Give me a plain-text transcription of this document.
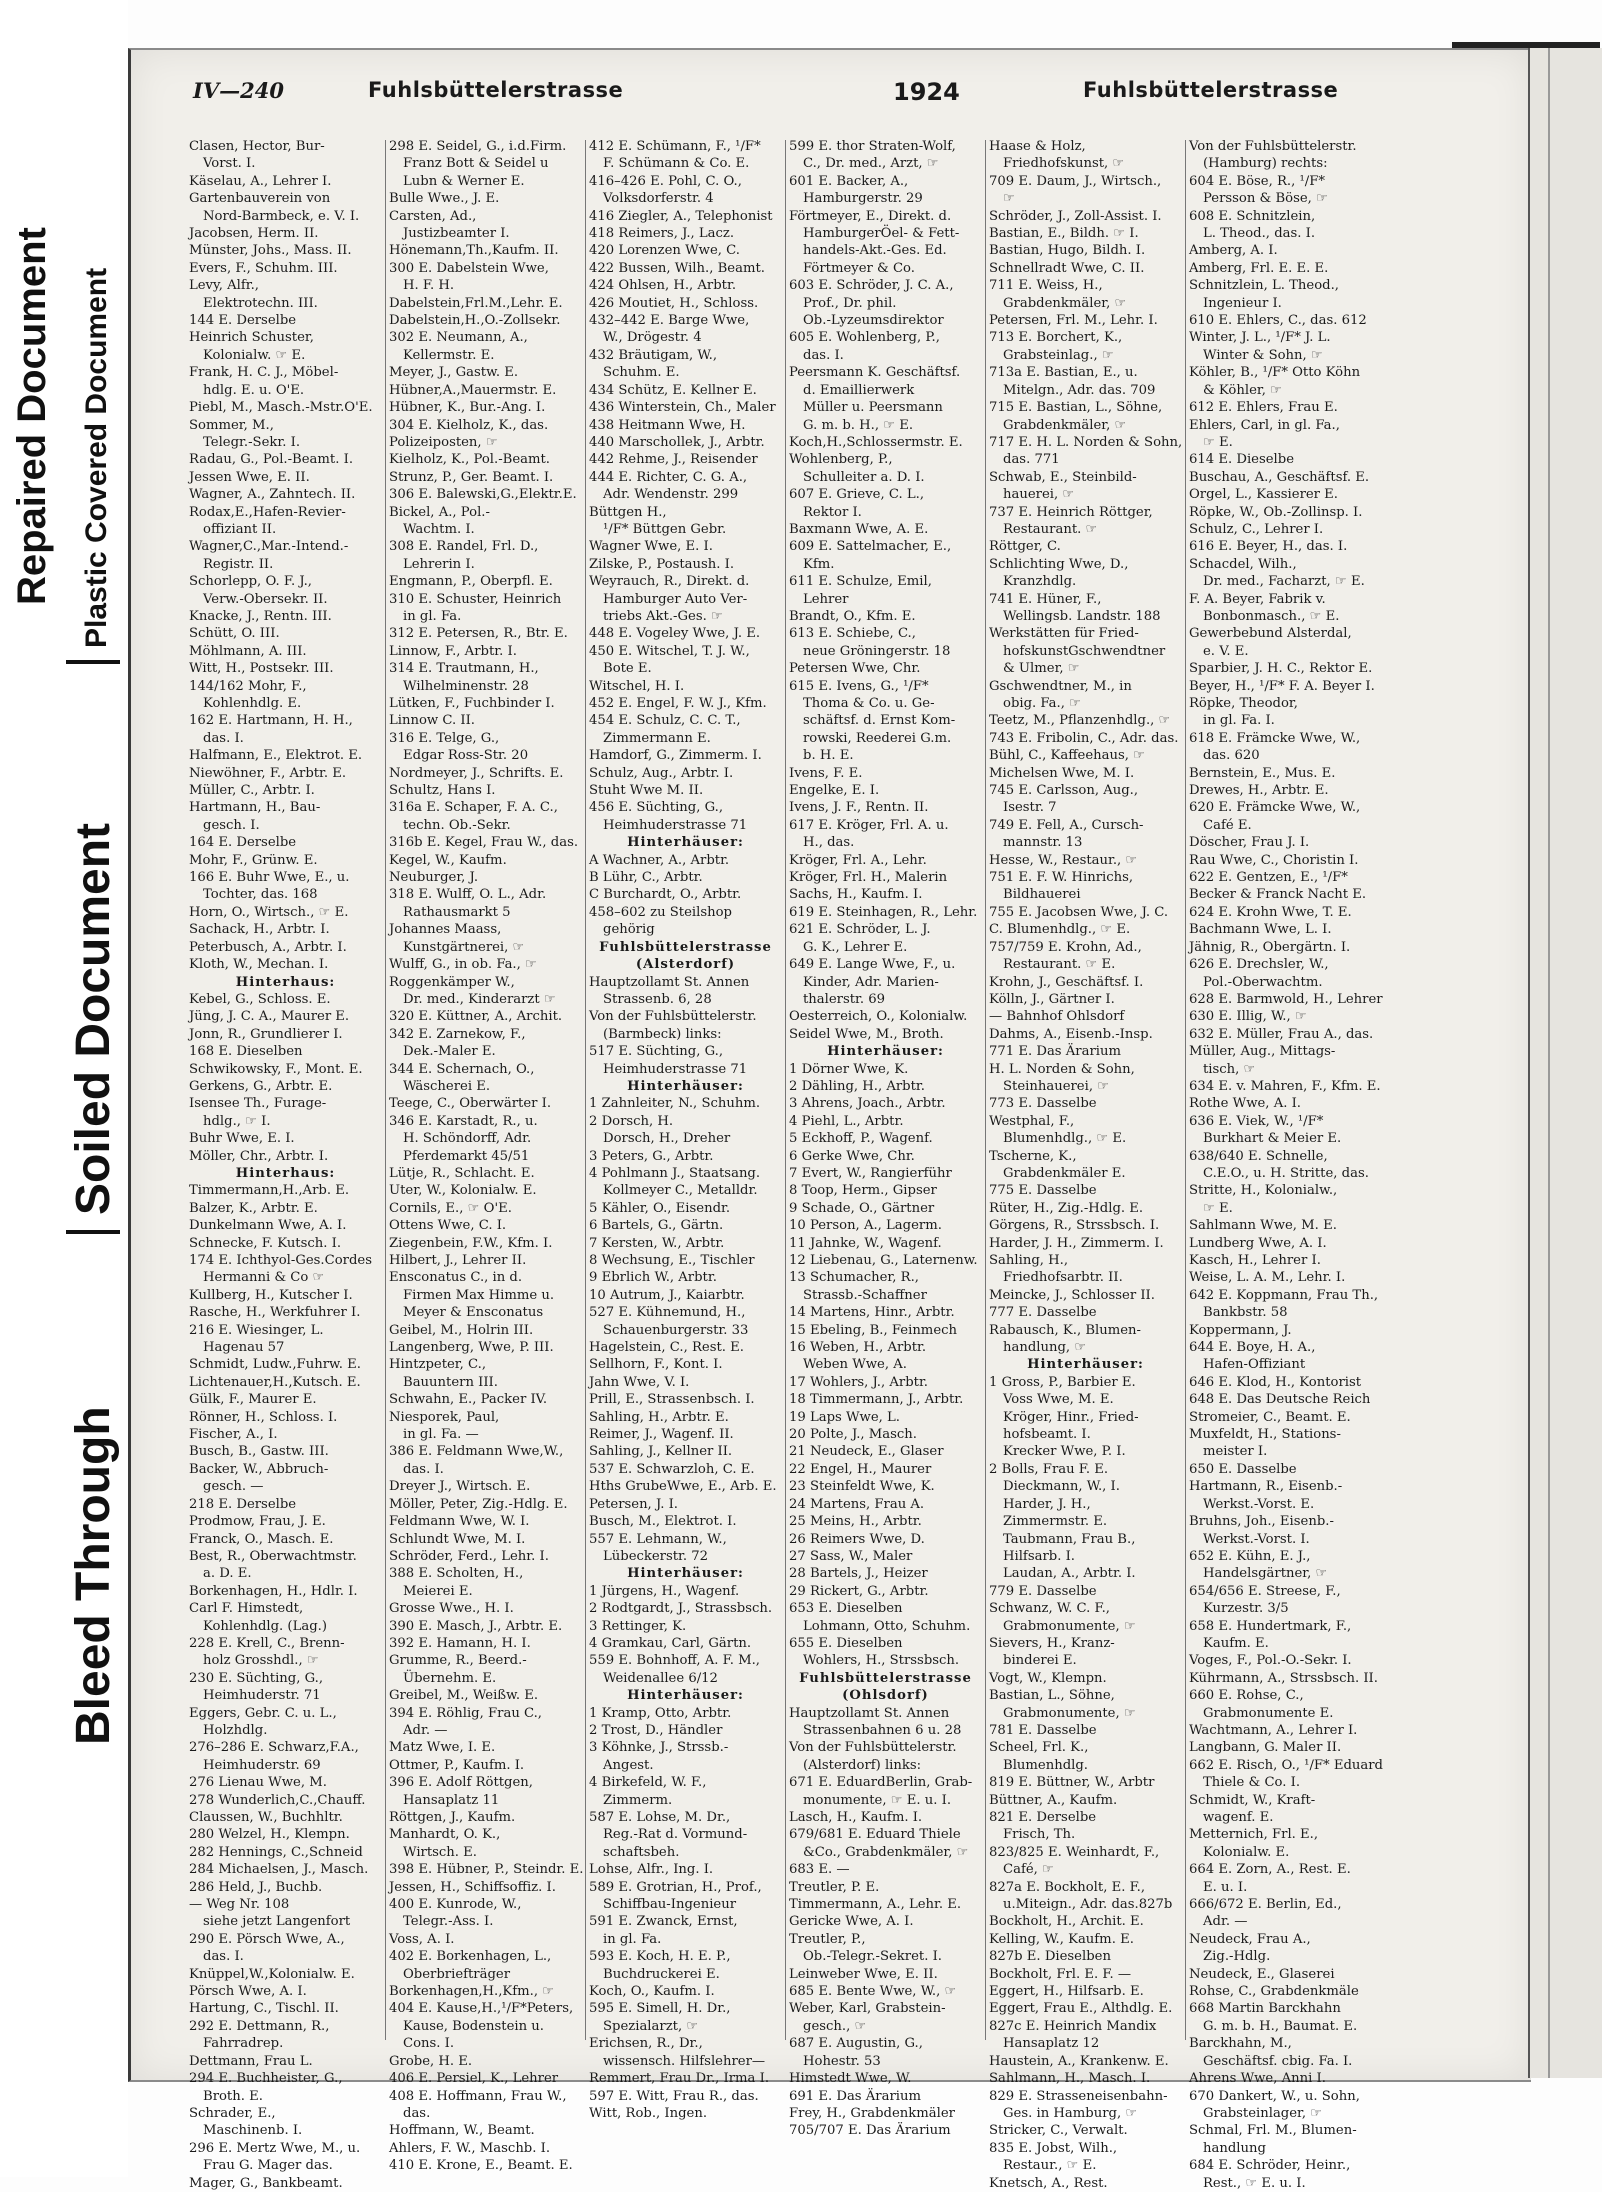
Repaired Document Plastic Covered Document
Soiled Document
Bleed Through
IV—240	Fuhlsbüttelerstrasse	1924	Fuhlsbüttelerstrasse
Clasen, Hector, Bur-
Vorst. I.
Käselau, A., Lehrer I.
Gartenbauverein von
Nord-Barmbeck, e. V. I.
Jacobsen, Herm. II.
Münster, Johs., Mass. II.
Evers, F., Schuhm. III.
Levy, Alfr.,
Elektrotechn. III.
144 E. Derselbe
Heinrich Schuster,
Kolonialw. ☞ E.
Frank, H. C. J., Möbel-
hdlg. E. u. O'E.
Piebl, M., Masch.-Mstr.O'E.
Sommer, M.,
Telegr.-Sekr. I.
Radau, G., Pol.-Beamt. I.
Jessen Wwe, E. II.
Wagner, A., Zahntech. II.
Rodax,E.,Hafen-Revier-
offiziant II.
Wagner,C.,Mar.-Intend.-
Registr. II.
Schorlepp, O. F. J.,
Verw.-Obersekr. II.
Knacke, J., Rentn. III.
Schütt, O. III.
Möhlmann, A. III.
Witt, H., Postsekr. III.
144/162 Mohr, F.,
Kohlenhdlg. E.
162 E. Hartmann, H. H.,
das. I.
Halfmann, E., Elektrot. E.
Niewöhner, F., Arbtr. E.
Müller, C., Arbtr. I.
Hartmann, H., Bau-
gesch. I.
164 E. Derselbe
Mohr, F., Grünw. E.
166 E. Buhr Wwe, E., u.
Tochter, das. 168
Horn, O., Wirtsch., ☞ E.
Sachack, H., Arbtr. I.
Peterbusch, A., Arbtr. I.
Kloth, W., Mechan. I.
Hinterhaus:
Kebel, G., Schloss. E.
Jüng, J. C. A., Maurer E.
Jonn, R., Grundlierer I.
168 E. Dieselben
Schwikowsky, F., Mont. E.
Gerkens, G., Arbtr. E.
Isensee Th., Furage-
hdlg., ☞ I.
Buhr Wwe, E. I.
Möller, Chr., Arbtr. I.
Hinterhaus:
Timmermann,H.,Arb. E.
Balzer, K., Arbtr. E.
Dunkelmann Wwe, A. I.
Schnecke, F. Kutsch. I.
174 E. Ichthyol-Ges.Cordes
Hermanni & Co ☞
Kullberg, H., Kutscher I.
Rasche, H., Werkfuhrer I.
216 E. Wiesinger, L.
Hagenau 57
Schmidt, Ludw.,Fuhrw. E.
Lichtenauer,H.,Kutsch. E.
Gülk, F., Maurer E.
Rönner, H., Schloss. I.
Fischer, A., I.
Busch, B., Gastw. III.
Backer, W., Abbruch-
gesch. —
218 E. Derselbe
Prodmow, Frau, J. E.
Franck, O., Masch. E.
Best, R., Oberwachtmstr.
a. D. E.
Borkenhagen, H., Hdlr. I.
Carl F. Himstedt,
Kohlenhdlg. (Lag.)
228 E. Krell, C., Brenn-
holz Grosshdl., ☞
230 E. Süchting, G.,
Heimhuderstr. 71
Eggers, Gebr. C. u. L.,
Holzhdlg.
276–286 E. Schwarz,F.A.,
Heimhuderstr. 69
276 Lienau Wwe, M.
278 Wunderlich,C.,Chauff.
Claussen, W., Buchhltr.
280 Welzel, H., Klempn.
282 Hennings, C.,Schneid
284 Michaelsen, J., Masch.
286 Held, J., Buchb.
— Weg Nr. 108
siehe jetzt Langenfort
290 E. Pörsch Wwe, A.,
das. I.
Knüppel,W.,Kolonialw. E.
Pörsch Wwe, A. I.
Hartung, C., Tischl. II.
292 E. Dettmann, R.,
Fahrradrep.
Dettmann, Frau L.
294 E. Buchheister, G.,
Broth. E.
Schrader, E.,
Maschinenb. I.
296 E. Mertz Wwe, M., u.
Frau G. Mager das.
Mager, G., Bankbeamt.
298 E. Seidel, G., i.d.Firm.
Franz Bott & Seidel u
Lubn & Werner E.
Bulle Wwe., J. E.
Carsten, Ad.,
Justizbeamter I.
Hönemann,Th.,Kaufm. II.
300 E. Dabelstein Wwe,
H. F. H.
Dabelstein,Frl.M.,Lehr. E.
Dabelstein,H.,O.-Zollsekr.
302 E. Neumann, A.,
Kellermstr. E.
Meyer, J., Gastw. E.
Hübner,A.,Mauermstr. E.
Hübner, K., Bur.-Ang. I.
304 E. Kielholz, K., das.
Polizeiposten, ☞
Kielholz, K., Pol.-Beamt.
Strunz, P., Ger. Beamt. I.
306 E. Balewski,G.,Elektr.E.
Bickel, A., Pol.-
Wachtm. I.
308 E. Randel, Frl. D.,
Lehrerin I.
Engmann, P., Oberpfl. E.
310 E. Schuster, Heinrich
in gl. Fa.
312 E. Petersen, R., Btr. E.
Linnow, F., Arbtr. I.
314 E. Trautmann, H.,
Wilhelminenstr. 28
Lütken, F., Fuchbinder I.
Linnow C. II.
316 E. Telge, G.,
Edgar Ross-Str. 20
Nordmeyer, J., Schrifts. E.
Schultz, Hans I.
316a E. Schaper, F. A. C.,
techn. Ob.-Sekr.
316b E. Kegel, Frau W., das.
Kegel, W., Kaufm.
Neuburger, J.
318 E. Wulff, O. L., Adr.
Rathausmarkt 5
Johannes Maass,
Kunstgärtnerei, ☞
Wulff, G., in ob. Fa., ☞
Roggenkämper W.,
Dr. med., Kinderarzt ☞
320 E. Küttner, A., Archit.
342 E. Zarnekow, F.,
Dek.-Maler E.
344 E. Schernach, O.,
Wäscherei E.
Teege, C., Oberwärter I.
346 E. Karstadt, R., u.
H. Schöndorff, Adr.
Pferdemarkt 45/51
Lütje, R., Schlacht. E.
Uter, W., Kolonialw. E.
Cornils, E., ☞ O'E.
Ottens Wwe, C. I.
Ziegenbein, F.W., Kfm. I.
Hilbert, J., Lehrer II.
Ensconatus C., in d.
Firmen Max Himme u.
Meyer & Ensconatus
Geibel, M., Holrin III.
Langenberg, Wwe, P. III.
Hintzpeter, C.,
Bauuntern III.
Schwahn, E., Packer IV.
Niesporek, Paul,
in gl. Fa. —
386 E. Feldmann Wwe,W.,
das. I.
Dreyer J., Wirtsch. E.
Möller, Peter, Zig.-Hdlg. E.
Feldmann Wwe, W. I.
Schlundt Wwe, M. I.
Schröder, Ferd., Lehr. I.
388 E. Scholten, H.,
Meierei E.
Grosse Wwe., H. I.
390 E. Masch, J., Arbtr. E.
392 E. Hamann, H. I.
Grumme, R., Beerd.-
Übernehm. E.
Greibel, M., Weißw. E.
394 E. Röhlig, Frau C.,
Adr. —
Matz Wwe, I. E.
Ottmer, P., Kaufm. I.
396 E. Adolf Röttgen,
Hansaplatz 11
Röttgen, J., Kaufm.
Manhardt, O. K.,
Wirtsch. E.
398 E. Hübner, P., Steindr. E.
Jessen, H., Schiffsoffiz. I.
400 E. Kunrode, W.,
Telegr.-Ass. I.
Voss, A. I.
402 E. Borkenhagen, L.,
Oberbriefträger
Borkenhagen,H.,Kfm., ☞
404 E. Kause,H.,¹/F*Peters,
Kause, Bodenstein u.
Cons. I.
Grobe, H. E.
406 E. Persiel, K., Lehrer
408 E. Hoffmann, Frau W.,
das.
Hoffmann, W., Beamt.
Ahlers, F. W., Maschb. I.
410 E. Krone, E., Beamt. E.
412 E. Schümann, F., ¹/F*
F. Schümann & Co. E.
416–426 E. Pohl, C. O.,
Volksdorferstr. 4
416 Ziegler, A., Telephonist
418 Reimers, J., Lacz.
420 Lorenzen Wwe, C.
422 Bussen, Wilh., Beamt.
424 Ohlsen, H., Arbtr.
426 Moutiet, H., Schloss.
432–442 E. Barge Wwe,
W., Drögestr. 4
432 Bräutigam, W.,
Schuhm. E.
434 Schütz, E. Kellner E.
436 Winterstein, Ch., Maler
438 Heitmann Wwe, H.
440 Marschollek, J., Arbtr.
442 Rehme, J., Reisender
444 E. Richter, C. G. A.,
Adr. Wendenstr. 299
Büttgen H.,
¹/F* Büttgen Gebr.
Wagner Wwe, E. I.
Zilske, P., Postaush. I.
Weyrauch, R., Direkt. d.
Hamburger Auto Ver-
triebs Akt.-Ges. ☞
448 E. Vogeley Wwe, J. E.
450 E. Witschel, T. J. W.,
Bote E.
Witschel, H. I.
452 E. Engel, F. W. J., Kfm.
454 E. Schulz, C. C. T.,
Zimmermann E.
Hamdorf, G., Zimmerm. I.
Schulz, Aug., Arbtr. I.
Stuht Wwe M. II.
456 E. Süchting, G.,
Heimhuderstrasse 71
Hinterhäuser:
A Wachner, A., Arbtr.
B Lühr, C., Arbtr.
C Burchardt, O., Arbtr.
458–602 zu Steilshop
gehörig
Fuhlsbüttelerstrasse
(Alsterdorf)
Hauptzollamt St. Annen
Strassenb. 6, 28
Von der Fuhlsbüttelerstr.
(Barmbeck) links:
517 E. Süchting, G.,
Heimhuderstrasse 71
Hinterhäuser:
1 Zahnleiter, N., Schuhm.
2 Dorsch, H.
Dorsch, H., Dreher
3 Peters, G., Arbtr.
4 Pohlmann J., Staatsang.
Kollmeyer C., Metalldr.
5 Kähler, O., Eisendr.
6 Bartels, G., Gärtn.
7 Kersten, W., Arbtr.
8 Wechsung, E., Tischler
9 Ebrlich W., Arbtr.
10 Autrum, J., Kaiarbtr.
527 E. Kühnemund, H.,
Schauenburgerstr. 33
Hagelstein, C., Rest. E.
Sellhorn, F., Kont. I.
Jahn Wwe, V. I.
Prill, E., Strassenbsch. I.
Sahling, H., Arbtr. E.
Reimer, J., Wagenf. II.
Sahling, J., Kellner II.
537 E. Schwarzloh, C. E.
Hths GrubeWwe, E., Arb. E.
Petersen, J. I.
Busch, M., Elektrot. I.
557 E. Lehmann, W.,
Lübeckerstr. 72
Hinterhäuser:
1 Jürgens, H., Wagenf.
2 Rodtgardt, J., Strassbsch.
3 Rettinger, K.
4 Gramkau, Carl, Gärtn.
559 E. Bohnhoff, A. F. M.,
Weidenallee 6/12
Hinterhäuser:
1 Kramp, Otto, Arbtr.
2 Trost, D., Händler
3 Köhnke, J., Strssb.-
Angest.
4 Birkefeld, W. F.,
Zimmerm.
587 E. Lohse, M. Dr.,
Reg.-Rat d. Vormund-
schaftsbeh.
Lohse, Alfr., Ing. I.
589 E. Grotrian, H., Prof.,
Schiffbau-Ingenieur
591 E. Zwanck, Ernst,
in gl. Fa.
593 E. Koch, H. E. P.,
Buchdruckerei E.
Koch, O., Kaufm. I.
595 E. Simell, H. Dr.,
Spezialarzt, ☞
Erichsen, R., Dr.,
wissensch. Hilfslehrer—
Remmert, Frau Dr., Irma I.
597 E. Witt, Frau R., das.
Witt, Rob., Ingen.
599 E. thor Straten-Wolf,
C., Dr. med., Arzt, ☞
601 E. Backer, A.,
Hamburgerstr. 29
Förtmeyer, E., Direkt. d.
HamburgerÖel- & Fett-
handels-Akt.-Ges. Ed.
Förtmeyer & Co.
603 E. Schröder, J. C. A.,
Prof., Dr. phil.
Ob.-Lyzeumsdirektor
605 E. Wohlenberg, P.,
das. I.
Peersmann K. Geschäftsf.
d. Emaillierwerk
Müller u. Peersmann
G. m. b. H., ☞ E.
Koch,H.,Schlossermstr. E.
Wohlenberg, P.,
Schulleiter a. D. I.
607 E. Grieve, C. L.,
Rektor I.
Baxmann Wwe, A. E.
609 E. Sattelmacher, E.,
Kfm.
611 E. Schulze, Emil,
Lehrer
Brandt, O., Kfm. E.
613 E. Schiebe, C.,
neue Gröningerstr. 18
Petersen Wwe, Chr.
615 E. Ivens, G., ¹/F*
Thoma & Co. u. Ge-
schäftsf. d. Ernst Kom-
rowski, Reederei G.m.
b. H. E.
Ivens, F. E.
Engelke, E. I.
Ivens, J. F., Rentn. II.
617 E. Kröger, Frl. A. u.
H., das.
Kröger, Frl. A., Lehr.
Kröger, Frl. H., Malerin
Sachs, H., Kaufm. I.
619 E. Steinhagen, R., Lehr.
621 E. Schröder, L. J.
G. K., Lehrer E.
649 E. Lange Wwe, F., u.
Kinder, Adr. Marien-
thalerstr. 69
Oesterreich, O., Kolonialw.
Seidel Wwe, M., Broth.
Hinterhäuser:
1 Dörner Wwe, K.
2 Dähling, H., Arbtr.
3 Ahrens, Joach., Arbtr.
4 Piehl, L., Arbtr.
5 Eckhoff, P., Wagenf.
6 Gerke Wwe, Chr.
7 Evert, W., Rangierführ
8 Toop, Herm., Gipser
9 Schade, O., Gärtner
10 Person, A., Lagerm.
11 Jahnke, W., Wagenf.
12 Liebenau, G., Laternenw.
13 Schumacher, R.,
Strassb.-Schaffner
14 Martens, Hinr., Arbtr.
15 Ebeling, B., Feinmech
16 Weben, H., Arbtr.
Weben Wwe, A.
17 Wohlers, J., Arbtr.
18 Timmermann, J., Arbtr.
19 Laps Wwe, L.
20 Polte, J., Masch.
21 Neudeck, E., Glaser
22 Engel, H., Maurer
23 Steinfeldt Wwe, K.
24 Martens, Frau A.
25 Meins, H., Arbtr.
26 Reimers Wwe, D.
27 Sass, W., Maler
28 Bartels, J., Heizer
29 Rickert, G., Arbtr.
653 E. Dieselben
Lohmann, Otto, Schuhm.
655 E. Dieselben
Wohlers, H., Strssbsch.
Fuhlsbüttelerstrasse
(Ohlsdorf)
Hauptzollamt St. Annen
Strassenbahnen 6 u. 28
Von der Fuhlsbüttelerstr.
(Alsterdorf) links:
671 E. EduardBerlin, Grab-
monumente, ☞ E. u. I.
Lasch, H., Kaufm. I.
679/681 E. Eduard Thiele
&Co., Grabdenkmäler, ☞
683 E. —
Treutler, P. E.
Timmermann, A., Lehr. E.
Gericke Wwe, A. I.
Treutler, P.,
Ob.-Telegr.-Sekret. I.
Leinweber Wwe, E. II.
685 E. Bente Wwe, W., ☞
Weber, Karl, Grabstein-
gesch., ☞
687 E. Augustin, G.,
Hohestr. 53
Himstedt Wwe, W.
691 E. Das Ärarium
Frey, H., Grabdenkmäler
705/707 E. Das Ärarium
Haase & Holz,
Friedhofskunst, ☞
709 E. Daum, J., Wirtsch.,
☞
Schröder, J., Zoll-Assist. I.
Bastian, E., Bildh. ☞ I.
Bastian, Hugo, Bildh. I.
Schnellradt Wwe, C. II.
711 E. Weiss, H.,
Grabdenkmäler, ☞
Petersen, Frl. M., Lehr. I.
713 E. Borchert, K.,
Grabsteinlag., ☞
713a E. Bastian, E., u.
Mitelgn., Adr. das. 709
715 E. Bastian, L., Söhne,
Grabdenkmäler, ☞
717 E. H. L. Norden & Sohn,
das. 771
Schwab, E., Steinbild-
hauerei, ☞
737 E. Heinrich Röttger,
Restaurant. ☞
Röttger, C.
Schlichting Wwe, D.,
Kranzhdlg.
741 E. Hüner, F.,
Wellingsb. Landstr. 188
Werkstätten für Fried-
hofskunstGschwendtner
& Ulmer, ☞
Gschwendtner, M., in
obig. Fa., ☞
Teetz, M., Pflanzenhdlg., ☞
743 E. Fribolin, C., Adr. das.
Bühl, C., Kaffeehaus, ☞
Michelsen Wwe, M. I.
745 E. Carlsson, Aug.,
Isestr. 7
749 E. Fell, A., Cursch-
mannstr. 13
Hesse, W., Restaur., ☞
751 E. F. W. Hinrichs,
Bildhauerei
755 E. Jacobsen Wwe, J. C.
C. Blumenhdlg., ☞ E.
757/759 E. Krohn, Ad.,
Restaurant. ☞ E.
Krohn, J., Geschäftsf. I.
Kölln, J., Gärtner I.
— Bahnhof Ohlsdorf
Dahms, A., Eisenb.-Insp.
771 E. Das Ärarium
H. L. Norden & Sohn,
Steinhauerei, ☞
773 E. Dasselbe
Westphal, F.,
Blumenhdlg., ☞ E.
Tscherne, K.,
Grabdenkmäler E.
775 E. Dasselbe
Rüter, H., Zig.-Hdlg. E.
Görgens, R., Strssbsch. I.
Harder, J. H., Zimmerm. I.
Sahling, H.,
Friedhofsarbtr. II.
Meincke, J., Schlosser II.
777 E. Dasselbe
Rabausch, K., Blumen-
handlung, ☞
Hinterhäuser:
1 Gross, P., Barbier E.
Voss Wwe, M. E.
Kröger, Hinr., Fried-
hofsbeamt. I.
Krecker Wwe, P. I.
2 Bolls, Frau F. E.
Dieckmann, W., I.
Harder, J. H.,
Zimmermstr. E.
Taubmann, Frau B.,
Hilfsarb. I.
Laudan, A., Arbtr. I.
779 E. Dasselbe
Schwanz, W. C. F.,
Grabmonumente, ☞
Sievers, H., Kranz-
binderei E.
Vogt, W., Klempn.
Bastian, L., Söhne,
Grabmonumente, ☞
781 E. Dasselbe
Scheel, Frl. K.,
Blumenhdlg.
819 E. Büttner, W., Arbtr
Büttner, A., Kaufm.
821 E. Derselbe
Frisch, Th.
823/825 E. Weinhardt, F.,
Café, ☞
827a E. Bockholt, E. F.,
u.Miteign., Adr. das.827b
Bockholt, H., Archit. E.
Kelling, W., Kaufm. E.
827b E. Dieselben
Bockholt, Frl. E. F. —
Eggert, H., Hilfsarb. E.
Eggert, Frau E., Althdlg. E.
827c E. Heinrich Mandix
Hansaplatz 12
Haustein, A., Krankenw. E.
Sahlmann, H., Masch. I.
829 E. Strasseneisenbahn-
Ges. in Hamburg, ☞
Stricker, C., Verwalt.
835 E. Jobst, Wilh.,
Restaur., ☞ E.
Knetsch, A., Rest.
Von der Fuhlsbüttelerstr.
(Hamburg) rechts:
604 E. Böse, R., ¹/F*
Persson & Böse, ☞
608 E. Schnitzlein,
L. Theod., das. I.
Amberg, A. I.
Amberg, Frl. E. E. E.
Schnitzlein, L. Theod.,
Ingenieur I.
610 E. Ehlers, C., das. 612
Winter, J. L., ¹/F* J. L.
Winter & Sohn, ☞
Köhler, B., ¹/F* Otto Köhn
& Köhler, ☞
612 E. Ehlers, Frau E.
Ehlers, Carl, in gl. Fa.,
☞ E.
614 E. Dieselbe
Buschau, A., Geschäftsf. E.
Orgel, L., Kassierer E.
Röpke, W., Ob.-Zollinsp. I.
Schulz, C., Lehrer I.
616 E. Beyer, H., das. I.
Schacdel, Wilh.,
Dr. med., Facharzt, ☞ E.
F. A. Beyer, Fabrik v.
Bonbonmasch., ☞ E.
Gewerbebund Alsterdal,
e. V. E.
Sparbier, J. H. C., Rektor E.
Beyer, H., ¹/F* F. A. Beyer I.
Röpke, Theodor,
in gl. Fa. I.
618 E. Främcke Wwe, W.,
das. 620
Bernstein, E., Mus. E.
Drewes, H., Arbtr. E.
620 E. Främcke Wwe, W.,
Café E.
Döscher, Frau J. I.
Rau Wwe, C., Choristin I.
622 E. Gentzen, E., ¹/F*
Becker & Franck Nacht E.
624 E. Krohn Wwe, T. E.
Bachmann Wwe, L. I.
Jähnig, R., Obergärtn. I.
626 E. Drechsler, W.,
Pol.-Oberwachtm.
628 E. Barmwold, H., Lehrer
630 E. Illig, W., ☞
632 E. Müller, Frau A., das.
Müller, Aug., Mittags-
tisch, ☞
634 E. v. Mahren, F., Kfm. E.
Rothe Wwe, A. I.
636 E. Viek, W., ¹/F*
Burkhart & Meier E.
638/640 E. Schnelle,
C.E.O., u. H. Stritte, das.
Stritte, H., Kolonialw.,
☞ E.
Sahlmann Wwe, M. E.
Lundberg Wwe, A. I.
Kasch, H., Lehrer I.
Weise, L. A. M., Lehr. I.
642 E. Koppmann, Frau Th.,
Bankbstr. 58
Koppermann, J.
644 E. Boye, H. A.,
Hafen-Offiziant
646 E. Klod, H., Kontorist
648 E. Das Deutsche Reich
Stromeier, C., Beamt. E.
Muxfeldt, H., Stations-
meister I.
650 E. Dasselbe
Hartmann, R., Eisenb.-
Werkst.-Vorst. E.
Bruhns, Joh., Eisenb.-
Werkst.-Vorst. I.
652 E. Kühn, E. J.,
Handelsgärtner, ☞
654/656 E. Streese, F.,
Kurzestr. 3/5
658 E. Hundertmark, F.,
Kaufm. E.
Voges, F., Pol.-O.-Sekr. I.
Kührmann, A., Strssbsch. II.
660 E. Rohse, C.,
Grabmonumente E.
Wachtmann, A., Lehrer I.
Langbann, G. Maler II.
662 E. Risch, O., ¹/F* Eduard
Thiele & Co. I.
Schmidt, W., Kraft-
wagenf. E.
Metternich, Frl. E.,
Kolonialw. E.
664 E. Zorn, A., Rest. E.
E. u. I.
666/672 E. Berlin, Ed.,
Adr. —
Neudeck, Frau A.,
Zig.-Hdlg.
Neudeck, E., Glaserei
Rohse, C., Grabdenkmäle
668 Martin Barckhahn
G. m. b. H., Baumat. E.
Barckhahn, M.,
Geschäftsf. cbig. Fa. I.
Ahrens Wwe, Anni I.
670 Dankert, W., u. Sohn,
Grabsteinlager, ☞
Schmal, Frl. M., Blumen-
handlung
684 E. Schröder, Heinr.,
Rest., ☞ E. u. I.
